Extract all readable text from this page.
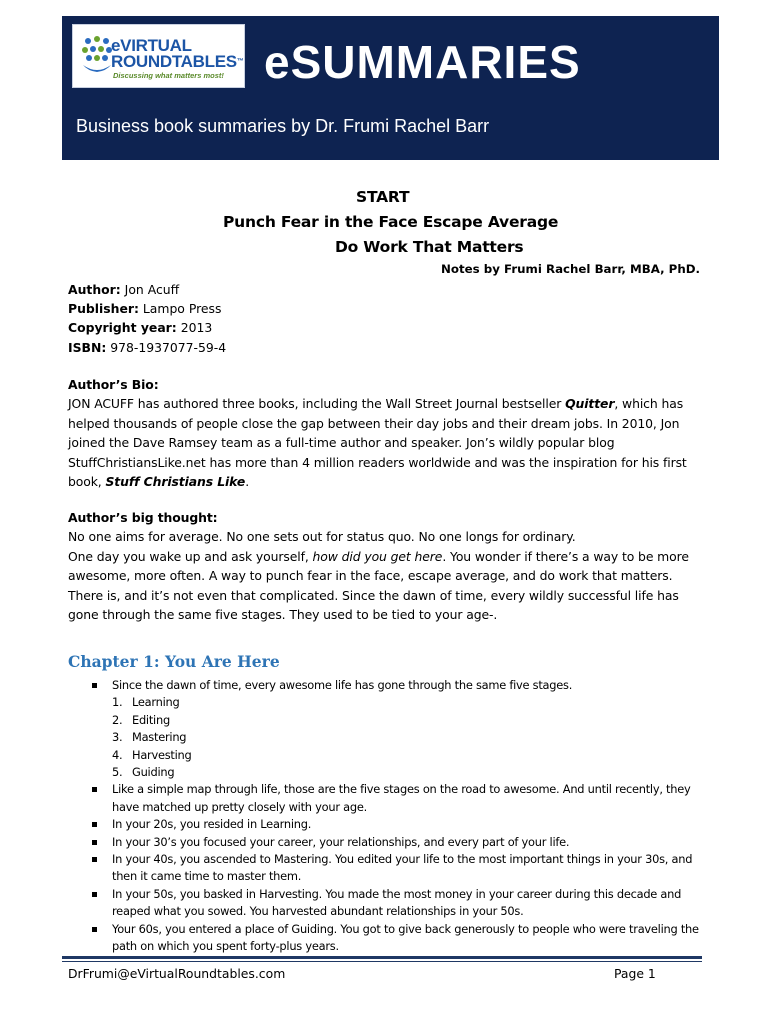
eVIRTUAL
ROUNDTABLES™
Discussing what matters most! eSUMMARIES
Business book summaries by Dr. Frumi Rachel Barr
START
Punch Fear in the Face Escape Average
Do Work That Matters
Notes by Frumi Rachel Barr, MBA, PhD.
Author: Jon Acuff
Publisher: Lampo Press
Copyright year: 2013
ISBN: 978-1937077-59-4
Author’s Bio:
JON ACUFF has authored three books, including the Wall Street Journal bestseller Quitter, which has helped thousands of people close the gap between their day jobs and their dream jobs. In 2010, Jon joined the Dave Ramsey team as a full-time author and speaker. Jon’s wildly popular blog StuffChristiansLike.net has more than 4 million readers worldwide and was the inspiration for his first book, Stuff Christians Like.
Author’s big thought:
No one aims for average. No one sets out for status quo. No one longs for ordinary.
One day you wake up and ask yourself, how did you get here. You wonder if there’s a way to be more awesome, more often. A way to punch fear in the face, escape average, and do work that matters. There is, and it’s not even that complicated. Since the dawn of time, every wildly successful life has gone through the same five stages. They used to be tied to your age-.
Chapter 1: You Are Here
Since the dawn of time, every awesome life has gone through the same five stages.
1. Learning
2. Editing
3. Mastering
4. Harvesting
5. Guiding
Like a simple map through life, those are the five stages on the road to awesome. And until recently, they have matched up pretty closely with your age.
In your 20s, you resided in Learning.
In your 30’s you focused your career, your relationships, and every part of your life.
In your 40s, you ascended to Mastering. You edited your life to the most important things in your 30s, and then it came time to master them.
In your 50s, you basked in Harvesting. You made the most money in your career during this decade and reaped what you sowed. You harvested abundant relationships in your 50s.
Your 60s, you entered a place of Guiding. You got to give back generously to people who were traveling the path on which you spent forty-plus years.
DrFrumi@eVirtualRoundtables.com	Page 1
